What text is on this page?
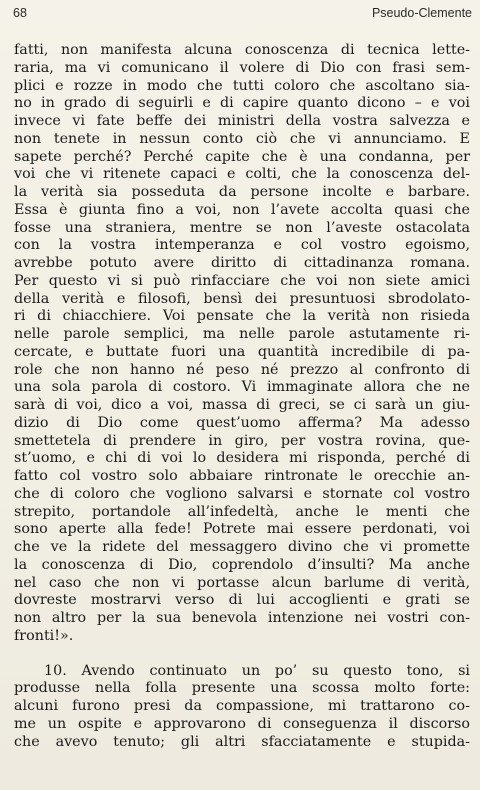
68	Pseudo-Clemente
fatti, non manifesta alcuna conoscenza di tecnica lette-
raria, ma vi comunicano il volere di Dio con frasi sem-
plici e rozze in modo che tutti coloro che ascoltano sia-
no in grado di seguirli e di capire quanto dicono – e voi
invece vi fate beffe dei ministri della vostra salvezza e
non tenete in nessun conto ciò che vi annunciamo. E
sapete perché? Perché capite che è una condanna, per
voi che vi ritenete capaci e colti, che la conoscenza del-
la verità sia posseduta da persone incolte e barbare.
Essa è giunta fino a voi, non l’avete accolta quasi che
fosse una straniera, mentre se non l’aveste ostacolata
con la vostra intemperanza e col vostro egoismo,
avrebbe potuto avere diritto di cittadinanza romana.
Per questo vi si può rinfacciare che voi non siete amici
della verità e filosofi, bensì dei presuntuosi sbrodolato-
ri di chiacchiere. Voi pensate che la verità non risieda
nelle parole semplici, ma nelle parole astutamente ri-
cercate, e buttate fuori una quantità incredibile di pa-
role che non hanno né peso né prezzo al confronto di
una sola parola di costoro. Vi immaginate allora che ne
sarà di voi, dico a voi, massa di greci, se ci sarà un giu-
dizio di Dio come quest’uomo afferma? Ma adesso
smettetela di prendere in giro, per vostra rovina, que-
st’uomo, e chi di voi lo desidera mi risponda, perché di
fatto col vostro solo abbaiare rintronate le orecchie an-
che di coloro che vogliono salvarsi e stornate col vostro
strepito, portandole all’infedeltà, anche le menti che
sono aperte alla fede! Potrete mai essere perdonati, voi
che ve la ridete del messaggero divino che vi promette
la conoscenza di Dio, coprendolo d’insulti? Ma anche
nel caso che non vi portasse alcun barlume di verità,
dovreste mostrarvi verso di lui accoglienti e grati se
non altro per la sua benevola intenzione nei vostri con-
fronti!».
10. Avendo continuato un po’ su questo tono, si
produsse nella folla presente una scossa molto forte:
alcuni furono presi da compassione, mi trattarono co-
me un ospite e approvarono di conseguenza il discorso
che avevo tenuto; gli altri sfacciatamente e stupida-
